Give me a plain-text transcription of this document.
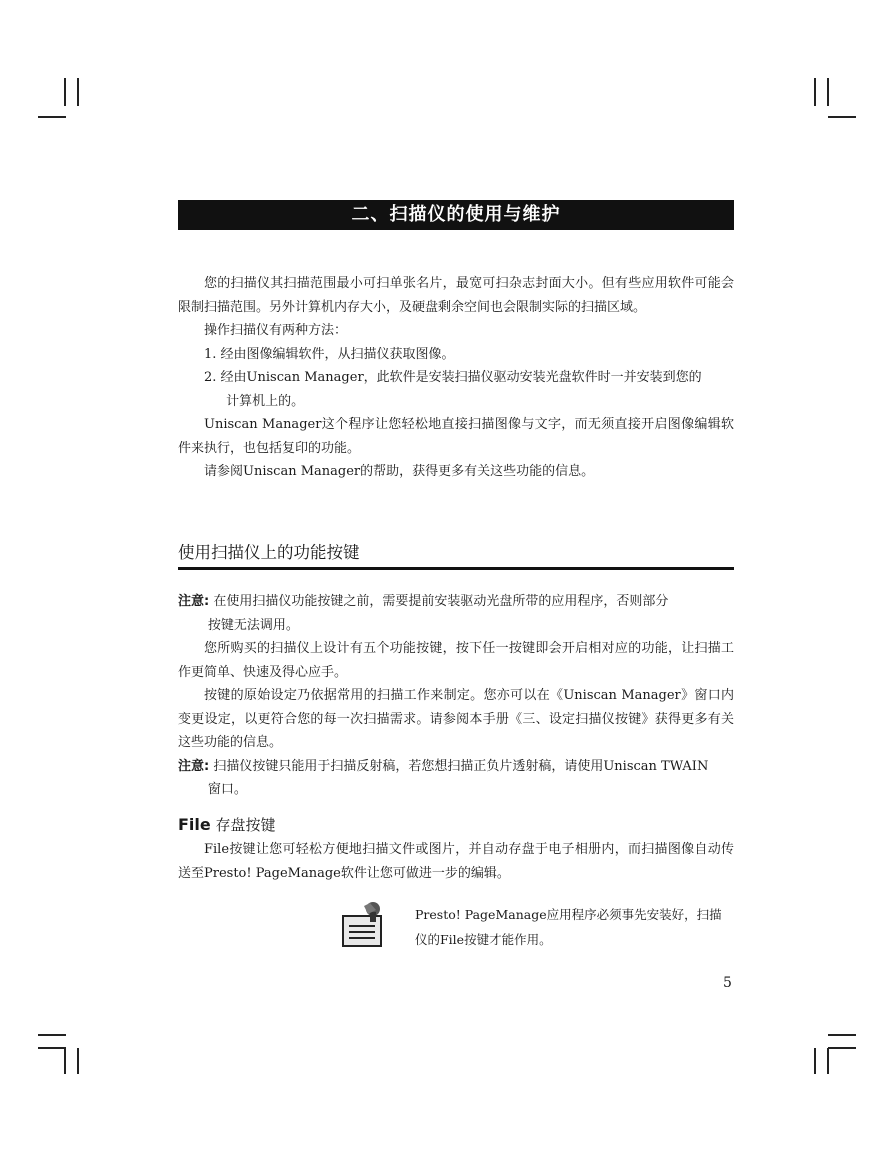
二、扫描仪的使用与维护

您的扫描仪其扫描范围最小可扫单张名片，最宽可扫杂志封面大小。但有些应用软件可能会限制扫描范围。另外计算机内存大小，及硬盘剩余空间也会限制实际的扫描区域。

操作扫描仪有两种方法：

1. 经由图像编辑软件，从扫描仪获取图像。

2. 经由Uniscan Manager，此软件是安装扫描仪驱动安装光盘软件时一并安装到您的

计算机上的。

Uniscan Manager这个程序让您轻松地直接扫描图像与文字，而无须直接开启图像编辑软件来执行，也包括复印的功能。

请参阅Uniscan Manager的帮助，获得更多有关这些功能的信息。

使用扫描仪上的功能按键

注意: 在使用扫描仪功能按键之前，需要提前安装驱动光盘所带的应用程序，否则部分

按键无法调用。

您所购买的扫描仪上设计有五个功能按键，按下任一按键即会开启相对应的功能，让扫描工作更简单、快速及得心应手。

按键的原始设定乃依据常用的扫描工作来制定。您亦可以在《Uniscan Manager》窗口内变更设定，以更符合您的每一次扫描需求。请参阅本手册《三、设定扫描仪按键》获得更多有关这些功能的信息。

注意: 扫描仪按键只能用于扫描反射稿，若您想扫描正负片透射稿，请使用Uniscan TWAIN

窗口。

File 存盘按键

File按键让您可轻松方便地扫描文件或图片，并自动存盘于电子相册内，而扫描图像自动传送至Presto! PageManage软件让您可做进一步的编辑。

Presto! PageManage应用程序必须事先安装好，扫描
仪的File按键才能作用。
5
